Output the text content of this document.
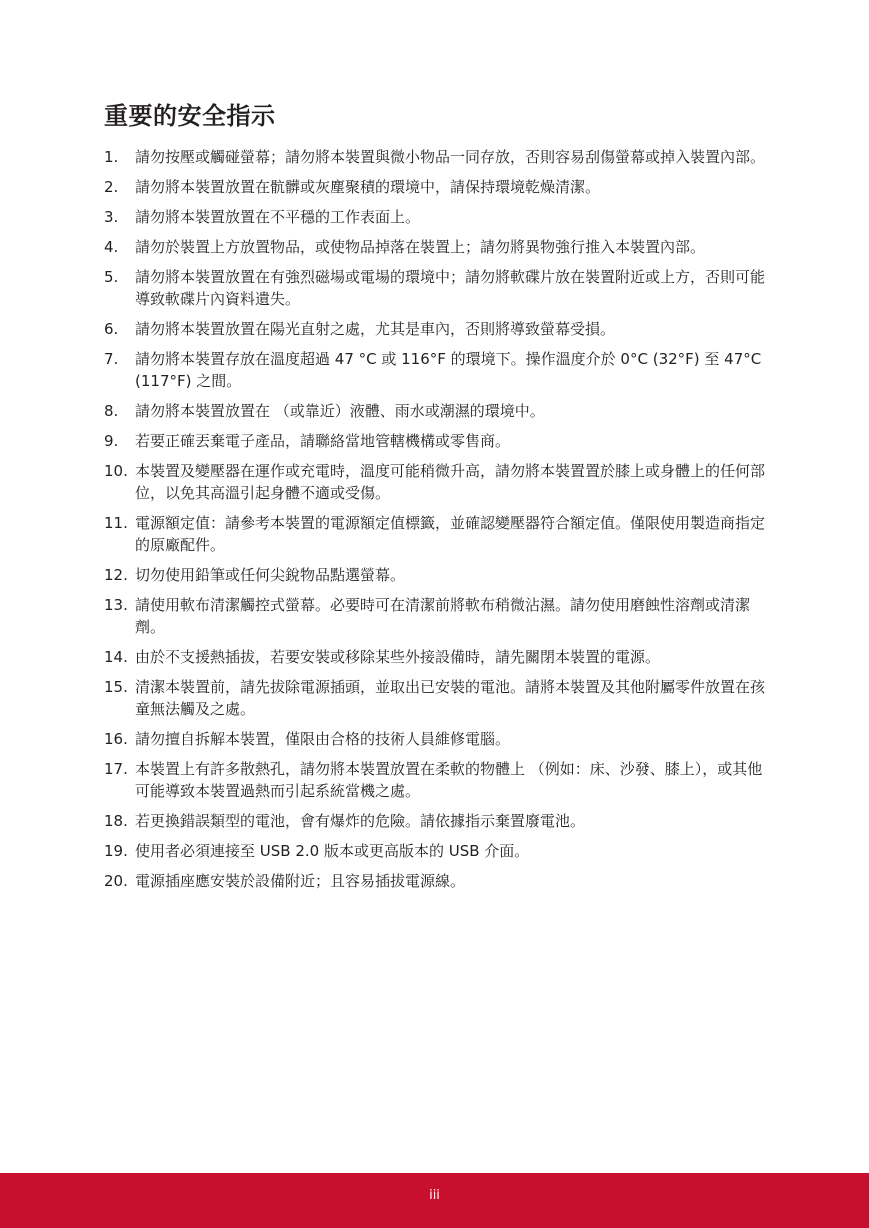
重要的安全指示
1. 請勿按壓或觸碰螢幕；請勿將本裝置與微小物品一同存放，否則容易刮傷螢幕或掉入裝置內部。
2. 請勿將本裝置放置在骯髒或灰塵聚積的環境中，請保持環境乾燥清潔。
3. 請勿將本裝置放置在不平穩的工作表面上。
4. 請勿於裝置上方放置物品，或使物品掉落在裝置上；請勿將異物強行推入本裝置內部。
5. 請勿將本裝置放置在有強烈磁場或電場的環境中；請勿將軟碟片放在裝置附近或上方，否則可能導致軟碟片內資料遺失。
6. 請勿將本裝置放置在陽光直射之處，尤其是車內，否則將導致螢幕受損。
7. 請勿將本裝置存放在溫度超過 47 °C 或 116°F 的環境下。操作溫度介於 0°C (32°F) 至 47°C (117°F) 之間。
8. 請勿將本裝置放置在 （或靠近）液體、雨水或潮濕的環境中。
9. 若要正確丟棄電子產品，請聯絡當地管轄機構或零售商。
10. 本裝置及變壓器在運作或充電時，溫度可能稍微升高，請勿將本裝置置於膝上或身體上的任何部位，以免其高溫引起身體不適或受傷。
11. 電源額定值：請參考本裝置的電源額定值標籤，並確認變壓器符合額定值。僅限使用製造商指定的原廠配件。
12. 切勿使用鉛筆或任何尖銳物品點選螢幕。
13. 請使用軟布清潔觸控式螢幕。必要時可在清潔前將軟布稍微沾濕。請勿使用磨蝕性溶劑或清潔劑。
14. 由於不支援熱插拔，若要安裝或移除某些外接設備時，請先關閉本裝置的電源。
15. 清潔本裝置前，請先拔除電源插頭，並取出已安裝的電池。請將本裝置及其他附屬零件放置在孩童無法觸及之處。
16. 請勿擅自拆解本裝置，僅限由合格的技術人員維修電腦。
17. 本裝置上有許多散熱孔，請勿將本裝置放置在柔軟的物體上 （例如：床、沙發、膝上），或其他可能導致本裝置過熱而引起系統當機之處。
18. 若更換錯誤類型的電池，會有爆炸的危險。請依據指示棄置廢電池。
19. 使用者必須連接至 USB 2.0 版本或更高版本的 USB 介面。
20. 電源插座應安裝於設備附近；且容易插拔電源線。
iii
